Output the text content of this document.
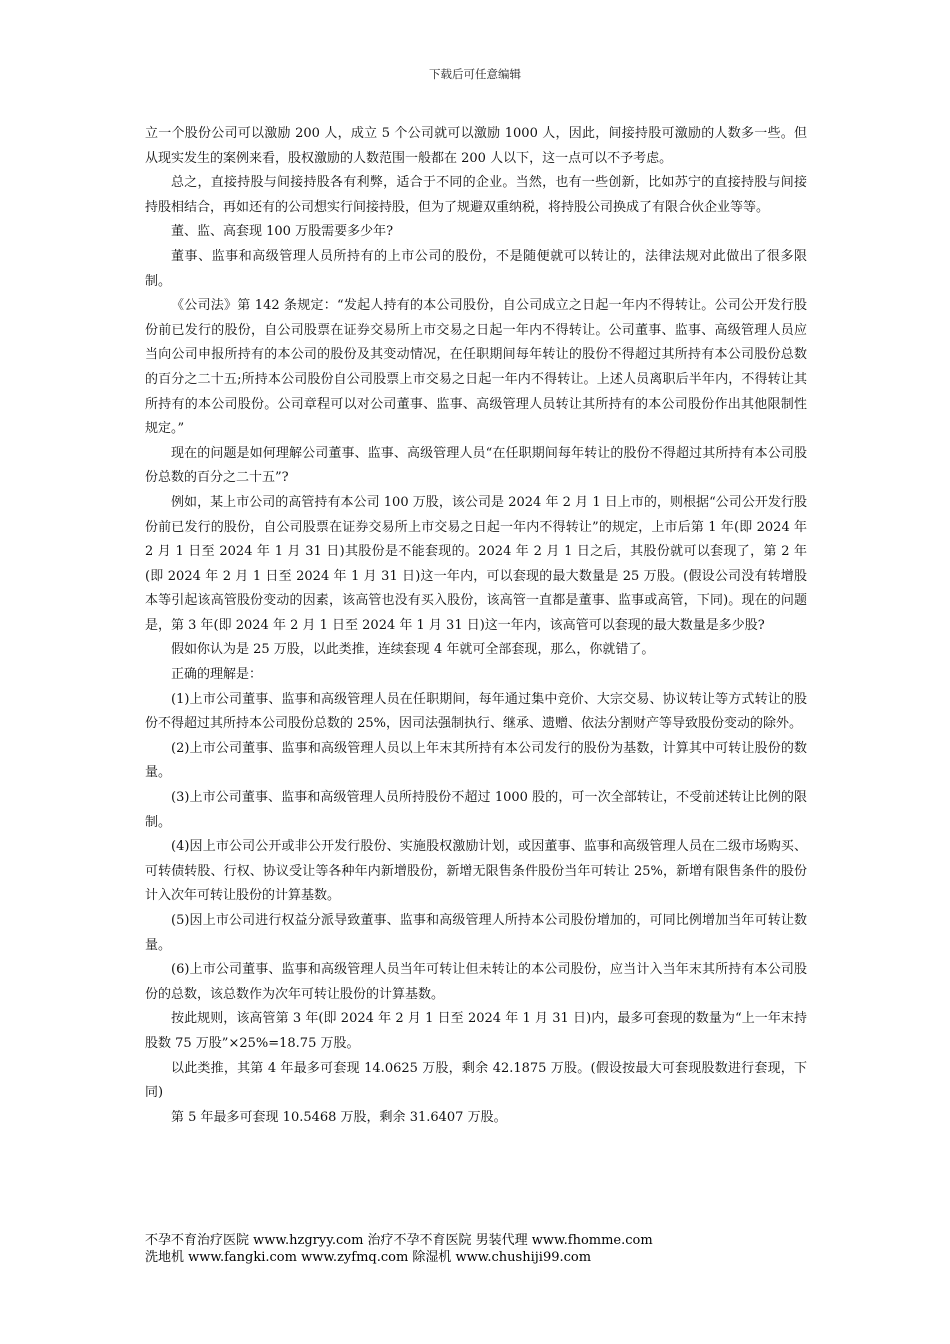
下载后可任意编辑

立一个股份公司可以激励 200 人，成立 5 个公司就可以激励 1000 人，因此，间接持股可激励的人数多一些。但从现实发生的案例来看，股权激励的人数范围一般都在 200 人以下，这一点可以不予考虑。

总之，直接持股与间接持股各有利弊，适合于不同的企业。当然，也有一些创新，比如苏宁的直接持股与间接持股相结合，再如还有的公司想实行间接持股，但为了规避双重纳税，将持股公司换成了有限合伙企业等等。

董、监、高套现 100 万股需要多少年?

董事、监事和高级管理人员所持有的上市公司的股份，不是随便就可以转让的，法律法规对此做出了很多限制。

《公司法》第 142 条规定：“发起人持有的本公司股份，自公司成立之日起一年内不得转让。公司公开发行股份前已发行的股份，自公司股票在证券交易所上市交易之日起一年内不得转让。公司董事、监事、高级管理人员应当向公司申报所持有的本公司的股份及其变动情况，在任职期间每年转让的股份不得超过其所持有本公司股份总数的百分之二十五;所持本公司股份自公司股票上市交易之日起一年内不得转让。上述人员离职后半年内，不得转让其所持有的本公司股份。公司章程可以对公司董事、监事、高级管理人员转让其所持有的本公司股份作出其他限制性规定。”

现在的问题是如何理解公司董事、监事、高级管理人员“在任职期间每年转让的股份不得超过其所持有本公司股份总数的百分之二十五”?

例如，某上市公司的高管持有本公司 100 万股，该公司是 2024 年 2 月 1 日上市的，则根据“公司公开发行股份前已发行的股份，自公司股票在证券交易所上市交易之日起一年内不得转让”的规定，上市后第 1 年(即 2024 年 2 月 1 日至 2024 年 1 月 31 日)其股份是不能套现的。2024 年 2 月 1 日之后，其股份就可以套现了，第 2 年(即 2024 年 2 月 1 日至 2024 年 1 月 31 日)这一年内，可以套现的最大数量是 25 万股。(假设公司没有转增股本等引起该高管股份变动的因素，该高管也没有买入股份，该高管一直都是董事、监事或高管，下同)。现在的问题是，第 3 年(即 2024 年 2 月 1 日至 2024 年 1 月 31 日)这一年内，该高管可以套现的最大数量是多少股?

假如你认为是 25 万股，以此类推，连续套现 4 年就可全部套现，那么，你就错了。

正确的理解是：

(1)上市公司董事、监事和高级管理人员在任职期间，每年通过集中竞价、大宗交易、协议转让等方式转让的股份不得超过其所持本公司股份总数的 25%，因司法强制执行、继承、遗赠、依法分割财产等导致股份变动的除外。

(2)上市公司董事、监事和高级管理人员以上年末其所持有本公司发行的股份为基数，计算其中可转让股份的数量。

(3)上市公司董事、监事和高级管理人员所持股份不超过 1000 股的，可一次全部转让，不受前述转让比例的限制。

(4)因上市公司公开或非公开发行股份、实施股权激励计划，或因董事、监事和高级管理人员在二级市场购买、可转债转股、行权、协议受让等各种年内新增股份，新增无限售条件股份当年可转让 25%，新增有限售条件的股份计入次年可转让股份的计算基数。

(5)因上市公司进行权益分派导致董事、监事和高级管理人所持本公司股份增加的，可同比例增加当年可转让数量。

(6)上市公司董事、监事和高级管理人员当年可转让但未转让的本公司股份，应当计入当年末其所持有本公司股份的总数，该总数作为次年可转让股份的计算基数。

按此规则，该高管第 3 年(即 2024 年 2 月 1 日至 2024 年 1 月 31 日)内，最多可套现的数量为“上一年末持股数 75 万股”×25%=18.75 万股。

以此类推，其第 4 年最多可套现 14.0625 万股，剩余 42.1875 万股。(假设按最大可套现股数进行套现，下同)

第 5 年最多可套现 10.5468 万股，剩余 31.6407 万股。

不孕不育治疗医院 www.hzgryy.com 治疗不孕不育医院 男装代理 www.fhomme.com
洗地机 www.fangki.com www.zyfmq.com 除湿机 www.chushiji99.com
